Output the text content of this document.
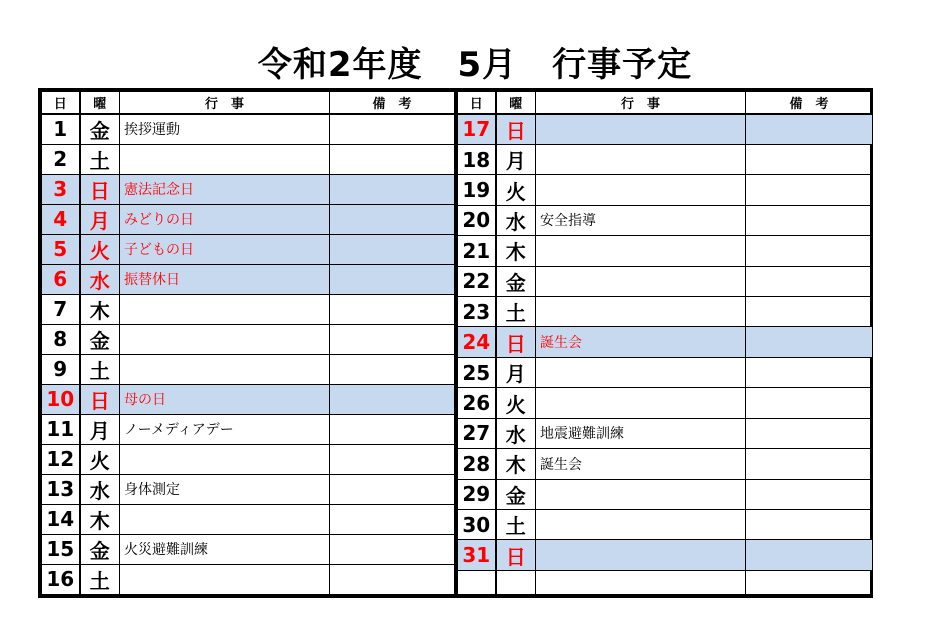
令和2年度　5月　行事予定
日	曜	行　事	備　考
1	金	挨拶運動	
2	土		
3	日	憲法記念日	
4	月	みどりの日	
5	火	子どもの日	
6	水	振替休日	
7	木		
8	金		
9	土		
10	日	母の日	
11	月	ノーメディアデー	
12	火		
13	水	身体測定	
14	木		
15	金	火災避難訓練	
16	土		
日	曜	行　事	備　考
17	日		
18	月		
19	火		
20	水	安全指導	
21	木		
22	金		
23	土		
24	日	誕生会	
25	月		
26	火		
27	水	地震避難訓練	
28	木	誕生会	
29	金		
30	土		
31	日		
